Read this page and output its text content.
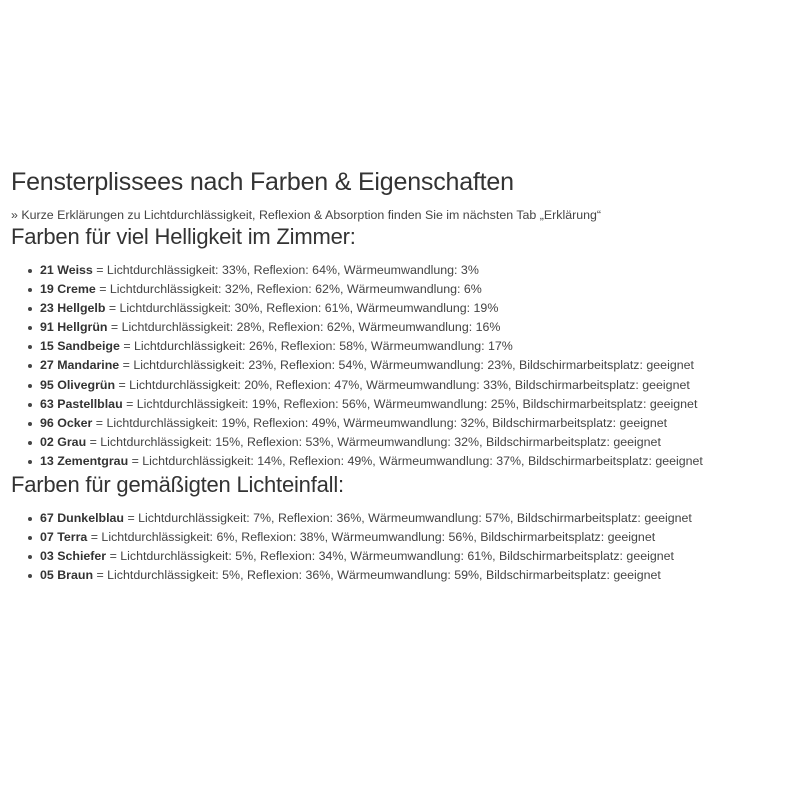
Fensterplissees nach Farben & Eigenschaften

» Kurze Erklärungen zu Lichtdurchlässigkeit, Reflexion & Absorption finden Sie im nächsten Tab „Erklärung“

Farben für viel Helligkeit im Zimmer:
21 Weiss = Lichtdurchlässigkeit: 33%, Reflexion: 64%, Wärmeumwandlung: 3%
19 Creme = Lichtdurchlässigkeit: 32%, Reflexion: 62%, Wärmeumwandlung: 6%
23 Hellgelb = Lichtdurchlässigkeit: 30%, Reflexion: 61%, Wärmeumwandlung: 19%
91 Hellgrün = Lichtdurchlässigkeit: 28%, Reflexion: 62%, Wärmeumwandlung: 16%
15 Sandbeige = Lichtdurchlässigkeit: 26%, Reflexion: 58%, Wärmeumwandlung: 17%
27 Mandarine = Lichtdurchlässigkeit: 23%, Reflexion: 54%, Wärmeumwandlung: 23%, Bildschirmarbeitsplatz: geeignet
95 Olivegrün = Lichtdurchlässigkeit: 20%, Reflexion: 47%, Wärmeumwandlung: 33%, Bildschirmarbeitsplatz: geeignet
63 Pastellblau = Lichtdurchlässigkeit: 19%, Reflexion: 56%, Wärmeumwandlung: 25%, Bildschirmarbeitsplatz: geeignet
96 Ocker = Lichtdurchlässigkeit: 19%, Reflexion: 49%, Wärmeumwandlung: 32%, Bildschirmarbeitsplatz: geeignet
02 Grau = Lichtdurchlässigkeit: 15%, Reflexion: 53%, Wärmeumwandlung: 32%, Bildschirmarbeitsplatz: geeignet
13 Zementgrau = Lichtdurchlässigkeit: 14%, Reflexion: 49%, Wärmeumwandlung: 37%, Bildschirmarbeitsplatz: geeignet
Farben für gemäßigten Lichteinfall:
67 Dunkelblau = Lichtdurchlässigkeit: 7%, Reflexion: 36%, Wärmeumwandlung: 57%, Bildschirmarbeitsplatz: geeignet
07 Terra = Lichtdurchlässigkeit: 6%, Reflexion: 38%, Wärmeumwandlung: 56%, Bildschirmarbeitsplatz: geeignet
03 Schiefer = Lichtdurchlässigkeit: 5%, Reflexion: 34%, Wärmeumwandlung: 61%, Bildschirmarbeitsplatz: geeignet
05 Braun = Lichtdurchlässigkeit: 5%, Reflexion: 36%, Wärmeumwandlung: 59%, Bildschirmarbeitsplatz: geeignet
